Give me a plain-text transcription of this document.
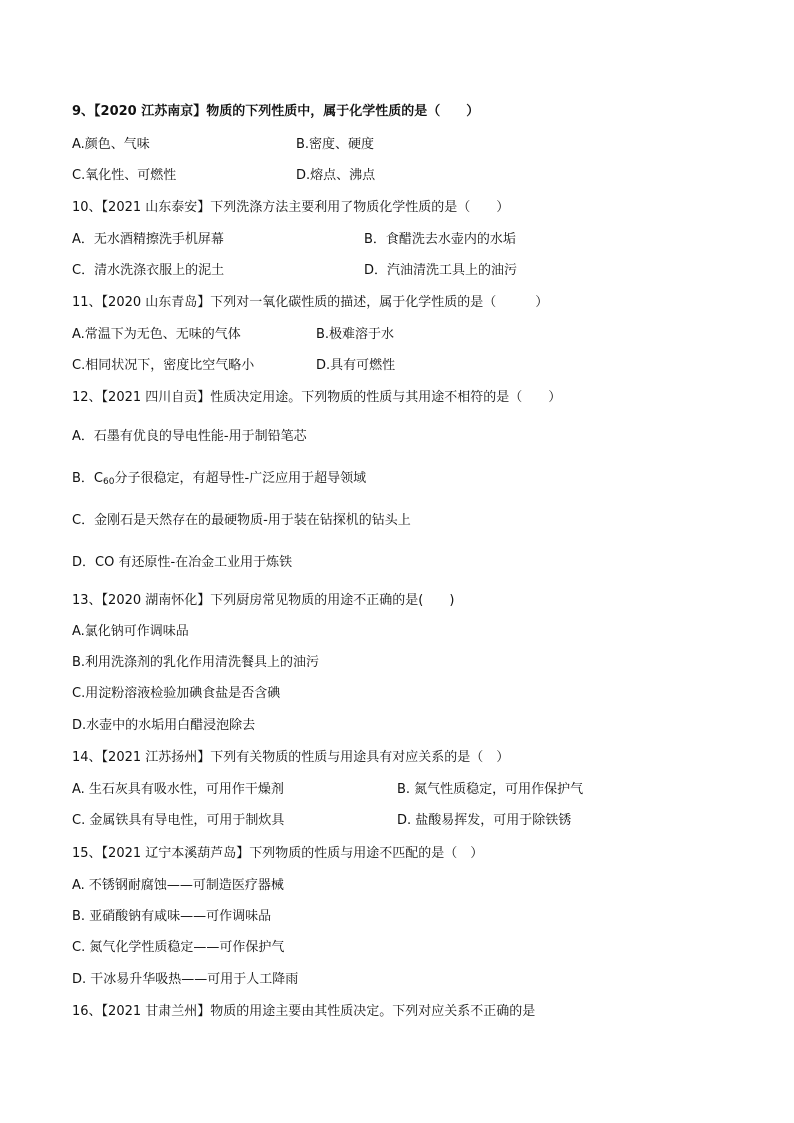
9、【2020 江苏南京】物质的下列性质中，属于化学性质的是（　　）
A.颜色、气味	B.密度、硬度
C.氧化性、可燃性	D.熔点、沸点
10、【2021 山东泰安】下列洗涤方法主要利用了物质化学性质的是（　　）
A．无水酒精擦洗手机屏幕	B．食醋洗去水壶内的水垢
C．清水洗涤衣服上的泥土	D．汽油清洗工具上的油污
11、【2020 山东青岛】下列对一氧化碳性质的描述，属于化学性质的是（　　　）
A.常温下为无色、无味的气体	B.极难溶于水
C.相同状况下，密度比空气略小	D.具有可燃性
12、【2021 四川自贡】性质决定用途。下列物质的性质与其用途不相符的是（　　）
A．石墨有优良的导电性能-用于制铅笔芯
B．$C_{60}$分子很稳定，有超导性-广泛应用于超导领域
C．金刚石是天然存在的最硬物质-用于装在钻探机的钻头上
D．CO 有还原性-在冶金工业用于炼铁
13、【2020 湖南怀化】下列厨房常见物质的用途不正确的是(　　)
A.氯化钠可作调味品
B.利用洗涤剂的乳化作用清洗餐具上的油污
C.用淀粉溶液检验加碘食盐是否含碘
D.水壶中的水垢用白醋浸泡除去
14、【2021 江苏扬州】下列有关物质的性质与用途具有对应关系的是（　）
A. 生石灰具有吸水性，可用作干燥剂	B. 氮气性质稳定，可用作保护气
C. 金属铁具有导电性，可用于制炊具	D. 盐酸易挥发，可用于除铁锈
15、【2021 辽宁本溪葫芦岛】下列物质的性质与用途不匹配的是（　）
A. 不锈钢耐腐蚀——可制造医疗器械
B. 亚硝酸钠有咸味——可作调味品
C. 氮气化学性质稳定——可作保护气
D. 干冰易升华吸热——可用于人工降雨
16、【2021 甘肃兰州】物质的用途主要由其性质决定。下列对应关系不正确的是
